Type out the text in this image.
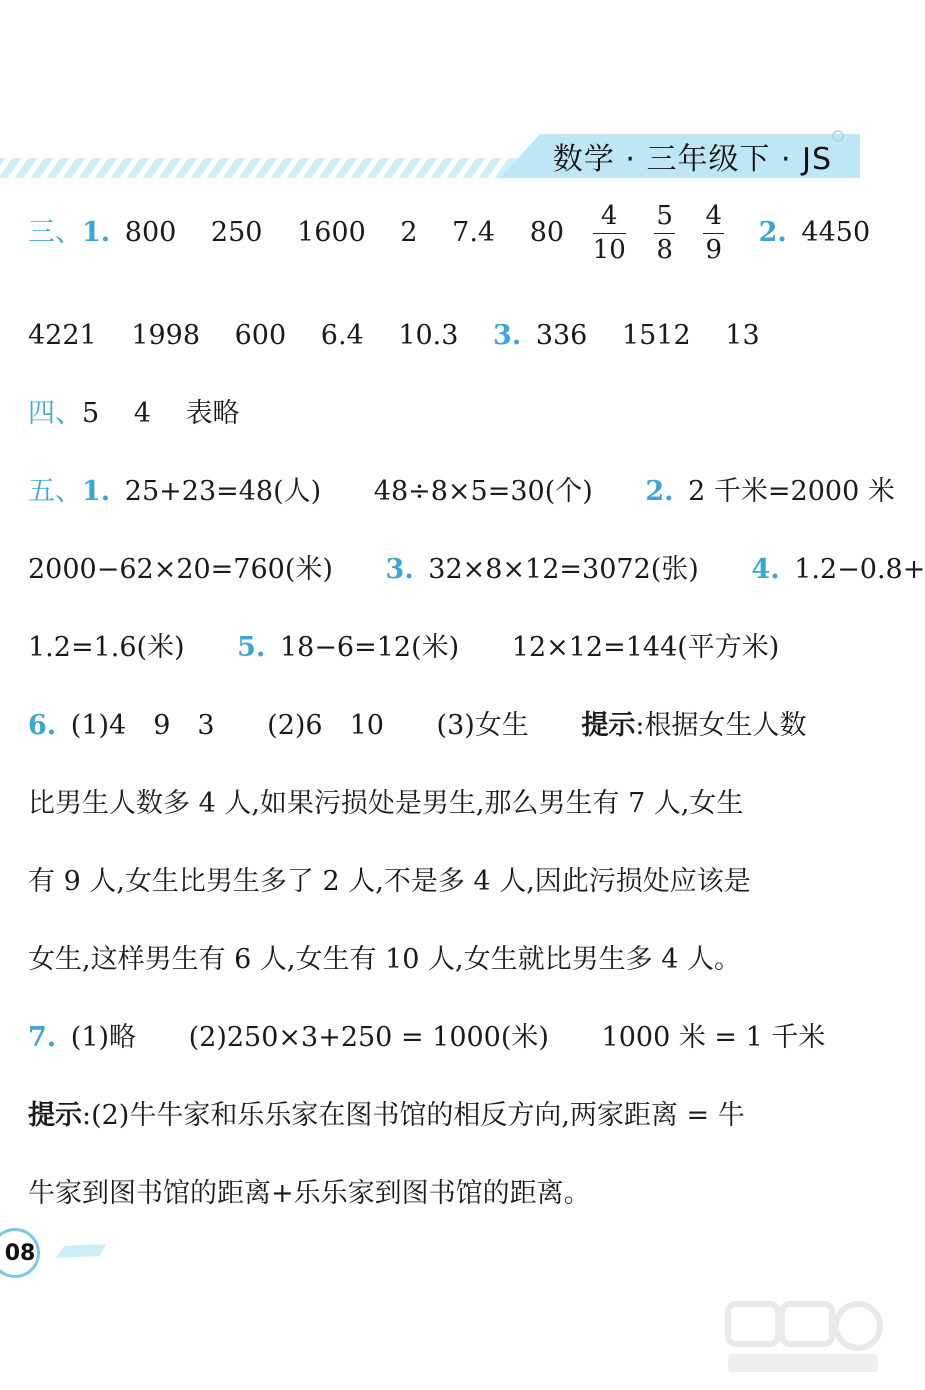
数学 · 三年级下 · JS
三、1. 800 250 1600 2 7.4 $80 \frac{4}{10}$
$\frac{5}{8}$
$\frac{4}{9} 2$. 4450
4221 1998 600 6.4 10.3 3. 336 1512 13
四、5 4 表略
五、1. 25+23=48(人) 48÷8×5=30(个) 2. 2 千米=2000 米
2000−62×20=760(米) 3. 32×8×12=3072(张) 4. 1.2−0.8+
1.2=1.6(米) 5. 18−6=12(米) 12×12=144(平方米)
6. (1)4　9　3 (2)6　10 (3)女生 提示:根据女生人数
比男生人数多 4 人,如果污损处是男生,那么男生有 7 人,女生
有 9 人,女生比男生多了 2 人,不是多 4 人,因此污损处应该是
女生,这样男生有 6 人,女生有 10 人,女生就比男生多 4 人。
7. (1)略 (2)250×3+250 = 1000(米) 1000 米 = 1 千米
提示:(2)牛牛家和乐乐家在图书馆的相反方向,两家距离 = 牛
牛家到图书馆的距离+乐乐家到图书馆的距离。
08
